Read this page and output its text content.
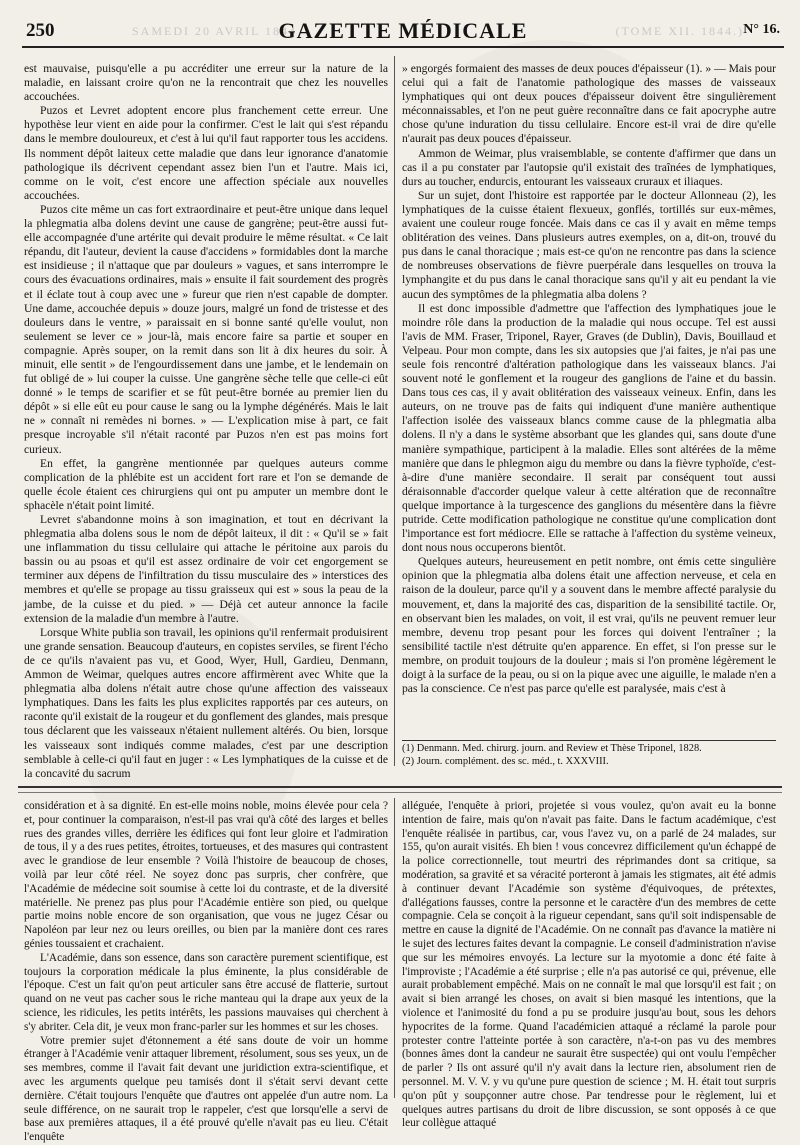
SAMEDI 20 AVRIL 1844	(TOME XII. 1844.)
250	GAZETTE MÉDICALE	N° 16.

est mauvaise, puisqu'elle a pu accréditer une erreur sur la nature de la maladie, en laissant croire qu'on ne la rencontrait que chez les nouvelles accouchées.

Puzos et Levret adoptent encore plus franchement cette erreur. Une hypothèse leur vient en aide pour la confirmer. C'est le lait qui s'est répandu dans le membre douloureux, et c'est à lui qu'il faut rapporter tous les accidens. Ils nomment dépôt laiteux cette maladie que dans leur ignorance d'anatomie pathologique ils décrivent cependant assez bien l'un et l'autre. Mais ici, comme on le voit, c'est encore une affection spéciale aux nouvelles accouchées.

Puzos cite même un cas fort extraordinaire et peut-être unique dans lequel la phlegmatia alba dolens devint une cause de gangrène; peut-être aussi fut-elle accompagnée d'une artérite qui devait produire le même résultat. « Ce lait répandu, dit l'auteur, devient la cause d'accidens » formidables dont la marche est insidieuse ; il n'attaque que par douleurs » vagues, et sans interrompre le cours des évacuations ordinaires, mais » ensuite il fait sourdement des progrès et il éclate tout à coup avec une » fureur que rien n'est capable de dompter. Une dame, accouchée depuis » douze jours, malgré un fond de tristesse et des douleurs dans le ventre, » paraissait en si bonne santé qu'elle voulut, non seulement se lever ce » jour-là, mais encore faire sa partie et souper en compagnie. Après souper, on la remit dans son lit à dix heures du soir. À minuit, elle sentit » de l'engourdissement dans une jambe, et le lendemain on fut obligé de » lui couper la cuisse. Une gangrène sèche telle que celle-ci eût donné » le temps de scarifier et se fût peut-être bornée au premier lien du dépôt » si elle eût eu pour cause le sang ou la lymphe dégénérés. Mais le lait ne » connaît ni remèdes ni bornes. » — L'explication mise à part, ce fait presque incroyable s'il n'était raconté par Puzos n'en est pas moins fort curieux.

En effet, la gangrène mentionnée par quelques auteurs comme complication de la phlébite est un accident fort rare et l'on se demande de quelle école étaient ces chirurgiens qui ont pu amputer un membre dont le sphacèle n'était point limité.

Levret s'abandonne moins à son imagination, et tout en décrivant la phlegmatia alba dolens sous le nom de dépôt laiteux, il dit : « Qu'il se » fait une inflammation du tissu cellulaire qui attache le péritoine aux parois du bassin ou au psoas et qu'il est assez ordinaire de voir cet engorgement se terminer aux dépens de l'infiltration du tissu musculaire des » interstices des membres et qu'elle se propage au tissu graisseux qui est » sous la peau de la jambe, de la cuisse et du pied. » — Déjà cet auteur annonce la facile extension de la maladie d'un membre à l'autre.

Lorsque White publia son travail, les opinions qu'il renfermait produisirent une grande sensation. Beaucoup d'auteurs, en copistes serviles, se firent l'écho de ce qu'ils n'avaient pas vu, et Good, Wyer, Hull, Gardieu, Denmann, Ammon de Weimar, quelques autres encore affirmèrent avec White que la phlegmatia alba dolens n'était autre chose qu'une affection des vaisseaux lymphatiques. Dans les faits les plus explicites rapportés par ces auteurs, on raconte qu'il existait de la rougeur et du gonflement des glandes, mais presque tous déclarent que les vaisseaux n'étaient nullement altérés. Ou bien, lorsque les vaisseaux sont indiqués comme malades, c'est par une description semblable à celle-ci qu'il faut en juger : « Les lymphatiques de la cuisse et de la concavité du sacrum

» engorgés formaient des masses de deux pouces d'épaisseur (1). » — Mais pour celui qui a fait de l'anatomie pathologique des masses de vaisseaux lymphatiques qui ont deux pouces d'épaisseur doivent être singulièrement méconnaissables, et l'on ne peut guère reconnaître dans ce fait apocryphe autre chose qu'une induration du tissu cellulaire. Encore est-il vrai de dire qu'elle n'aurait pas deux pouces d'épaisseur.

Ammon de Weimar, plus vraisemblable, se contente d'affirmer que dans un cas il a pu constater par l'autopsie qu'il existait des traînées de lymphatiques, durs au toucher, endurcis, entourant les vaisseaux cruraux et iliaques.

Sur un sujet, dont l'histoire est rapportée par le docteur Allonneau (2), les lymphatiques de la cuisse étaient flexueux, gonflés, tortillés sur eux-mêmes, avaient une couleur rouge foncée. Mais dans ce cas il y avait en même temps oblitération des veines. Dans plusieurs autres exemples, on a, dit-on, trouvé du pus dans le canal thoracique ; mais est-ce qu'on ne rencontre pas dans la science de nombreuses observations de fièvre puerpérale dans lesquelles on trouva la lymphangite et du pus dans le canal thoracique sans qu'il y ait eu pendant la vie aucun des symptômes de la phlegmatia alba dolens ?

Il est donc impossible d'admettre que l'affection des lymphatiques joue le moindre rôle dans la production de la maladie qui nous occupe. Tel est aussi l'avis de MM. Fraser, Triponel, Rayer, Graves (de Dublin), Davis, Bouillaud et Velpeau. Pour mon compte, dans les six autopsies que j'ai faites, je n'ai pas une seule fois rencontré d'altération pathologique dans les vaisseaux blancs. J'ai souvent noté le gonflement et la rougeur des ganglions de l'aine et du bassin. Dans tous ces cas, il y avait oblitération des vaisseaux veineux. Enfin, dans les auteurs, on ne trouve pas de faits qui indiquent d'une manière authentique l'affection isolée des vaisseaux blancs comme cause de la phlegmatia alba dolens. Il n'y a dans le système absorbant que les glandes qui, sans doute d'une manière sympathique, participent à la maladie. Elles sont altérées de la même manière que dans le phlegmon aigu du membre ou dans la fièvre typhoïde, c'est-à-dire d'une manière secondaire. Il serait par conséquent tout aussi déraisonnable d'accorder quelque valeur à cette altération que de reconnaître quelque importance à la turgescence des ganglions du mésentère dans la fièvre putride. Cette modification pathologique ne constitue qu'une complication dont l'importance est fort médiocre. Elle se rattache à l'affection du système veineux, dont nous nous occuperons bientôt.

Quelques auteurs, heureusement en petit nombre, ont émis cette singulière opinion que la phlegmatia alba dolens était une affection nerveuse, et cela en raison de la douleur, parce qu'il y a souvent dans le membre affecté paralysie du mouvement, et, dans la majorité des cas, disparition de la sensibilité tactile. Or, en observant bien les malades, on voit, il est vrai, qu'ils ne peuvent remuer leur membre, devenu trop pesant pour les forces qui doivent l'entraîner ; la sensibilité tactile n'est détruite qu'en apparence. En effet, si l'on presse sur le membre, on produit toujours de la douleur ; mais si l'on promène légèrement le doigt à la surface de la peau, ou si on la pique avec une aiguille, le malade n'en a pas la conscience. Ce n'est pas parce qu'elle est paralysée, mais c'est à

(1) Denmann. Med. chirurg. journ. and Review et Thèse Triponel, 1828.
(2) Journ. complément. des sc. méd., t. XXXVIII.

considération et à sa dignité. En est-elle moins noble, moins élevée pour cela ? et, pour continuer la comparaison, n'est-il pas vrai qu'à côté des larges et belles rues des grandes villes, derrière les édifices qui font leur gloire et l'admiration de tous, il y a des rues petites, étroites, tortueuses, et des masures qui contrastent avec le grandiose de leur ensemble ? Voilà l'histoire de beaucoup de choses, voilà par leur côté réel. Ne soyez donc pas surpris, cher confrère, que l'Académie de médecine soit soumise à cette loi du contraste, et de la diversité matérielle. Ne prenez pas plus pour l'Académie entière son pied, ou quelque partie moins noble encore de son organisation, que vous ne jugez César ou Napoléon par leur nez ou leurs oreilles, ou bien par la manière dont ces rares génies toussaient et crachaient.

L'Académie, dans son essence, dans son caractère purement scientifique, est toujours la corporation médicale la plus éminente, la plus considérable de l'époque. C'est un fait qu'on peut articuler sans être accusé de flatterie, surtout quand on ne veut pas cacher sous le riche manteau qui la drape aux yeux de la science, les ridicules, les petits intérêts, les passions mauvaises qui cherchent à s'y abriter. Cela dit, je veux mon franc-parler sur les hommes et sur les choses.

Votre premier sujet d'étonnement a été sans doute de voir un homme étranger à l'Académie venir attaquer librement, résolument, sous ses yeux, un de ses membres, comme il l'avait fait devant une juridiction extra-scientifique, et avec les arguments quelque peu tamisés dont il s'était servi devant cette dernière. C'était toujours l'enquête que d'autres ont appelée d'un autre nom. La seule différence, on ne saurait trop le rappeler, c'est que lorsqu'elle a servi de base aux premières attaques, il a été prouvé qu'elle n'avait pas eu lieu. C'était l'enquête

alléguée, l'enquête à priori, projetée si vous voulez, qu'on avait eu la bonne intention de faire, mais qu'on n'avait pas faite. Dans le factum académique, c'est l'enquête réalisée in partibus, car, vous l'avez vu, on a parlé de 24 malades, sur 155, qu'on aurait visités. Eh bien ! vous concevrez difficilement qu'un échappé de la police correctionnelle, tout meurtri des réprimandes dont sa critique, sa modération, sa gravité et sa véracité porteront à jamais les stigmates, ait été admis à continuer devant l'Académie son système d'équivoques, de prétextes, d'allégations fausses, contre la personne et le caractère d'un des membres de cette compagnie. Cela se conçoit à la rigueur cependant, sans qu'il soit indispensable de mettre en cause la dignité de l'Académie. On ne connaît pas d'avance la matière ni le sujet des lectures faites devant la compagnie. Le conseil d'administration n'avise que sur les mémoires envoyés. La lecture sur la myotomie a donc été faite à l'improviste ; l'Académie a été surprise ; elle n'a pas autorisé ce qui, prévenue, elle aurait probablement empêché. Mais on ne connaît le mal que lorsqu'il est fait ; on avait si bien arrangé les choses, on avait si bien masqué les intentions, que la violence et l'animosité du fond a pu se produire jusqu'au bout, sous les dehors hypocrites de la forme. Quand l'académicien attaqué a réclamé la parole pour protester contre l'atteinte portée à son caractère, n'a-t-on pas vu des membres (bonnes âmes dont la candeur ne saurait être suspectée) qui ont voulu l'empêcher de parler ? Ils ont assuré qu'il n'y avait dans la lecture rien, absolument rien de personnel. M. V. V. y vu qu'une pure question de science ; M. H. était tout surpris qu'on pût y soupçonner autre chose. Par tendresse pour le règlement, lui et quelques autres partisans du droit de libre discussion, se sont opposés à ce que leur collègue attaqué
